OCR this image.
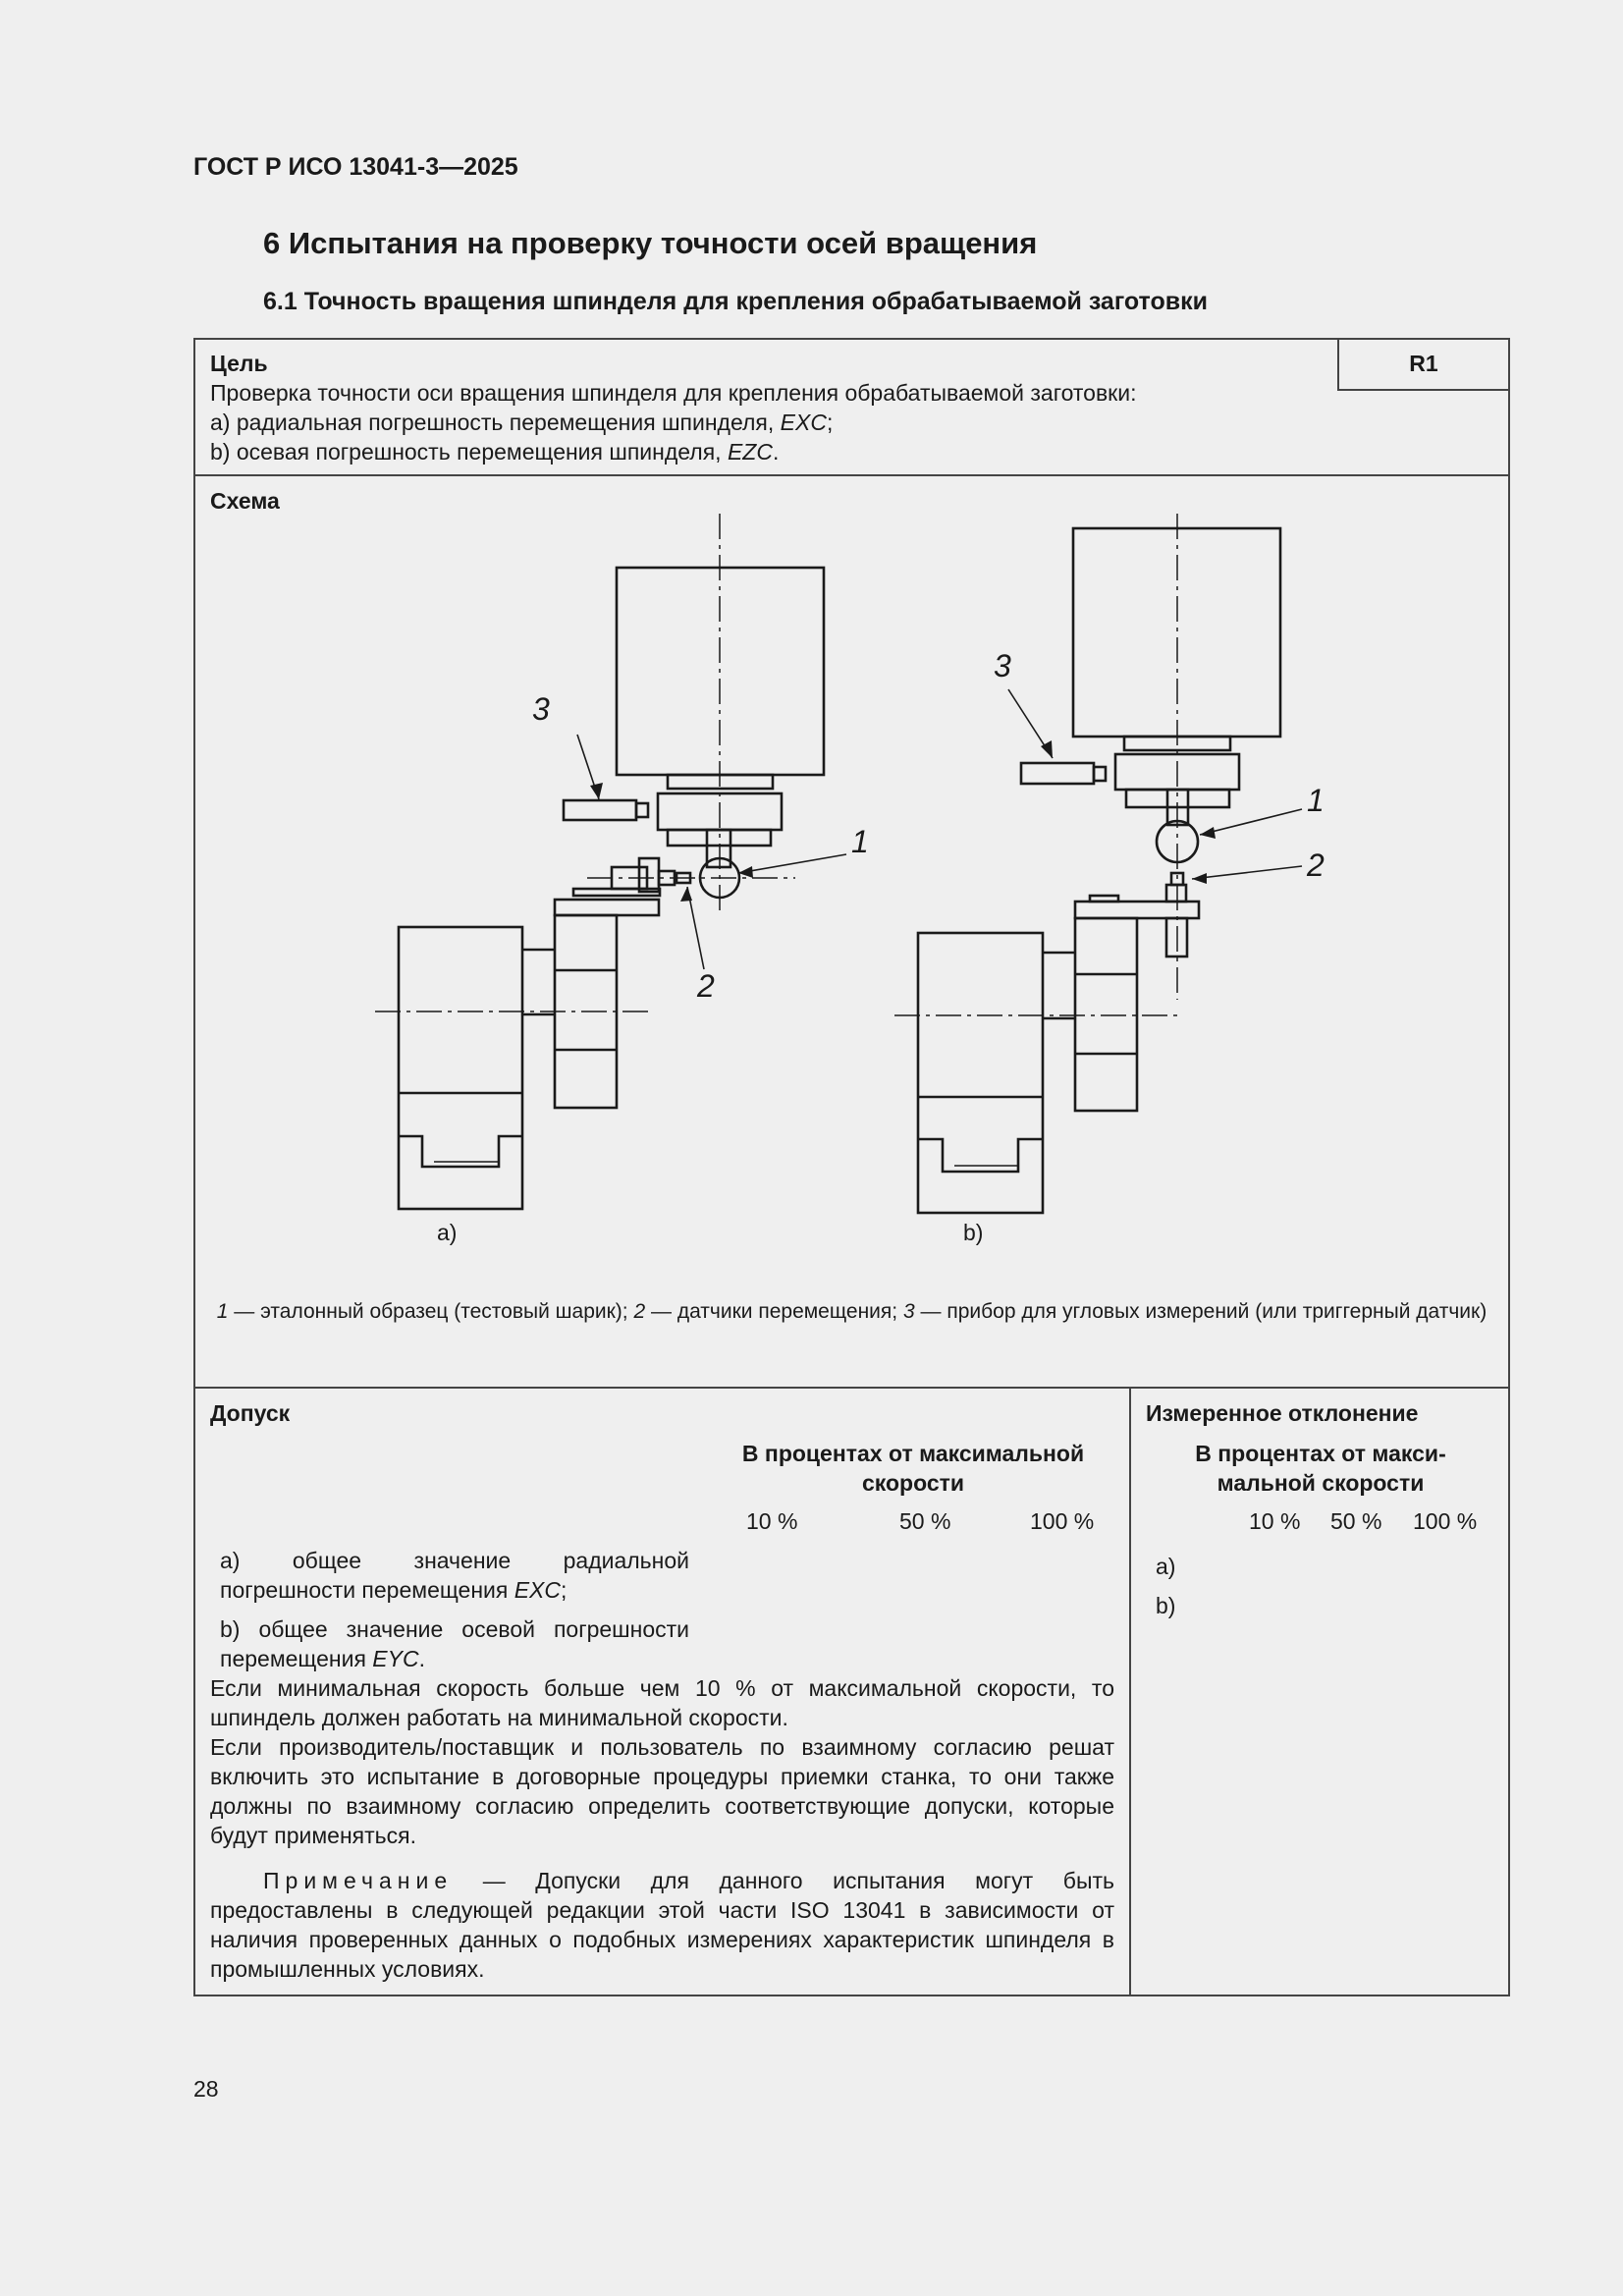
ГОСТ Р ИСО 13041-3—2025
6 Испытания на проверку точности осей вращения
6.1 Точность вращения шпинделя для крепления обрабатываемой заготовки
Цель	R1
Проверка точности оси вращения шпинделя для крепления обрабатываемой заготовки:
a) радиальная погрешность перемещения шпинделя, EXC;
b) осевая погрешность перемещения шпинделя, EZC.
Схема
3
1
2
3
1
2
a)	b)
1 — эталонный образец (тестовый шарик); 2 — датчики перемещения; 3 — прибор для угловых измерений (или триггерный датчик)
Допуск
В процентах от максимальной скорости
10 %	50 %	100 %
a) общее значение радиальной погрешности перемещения EXC;
b) общее значение осевой погрешности перемещения EYC.
Если минимальная скорость больше чем 10 % от максимальной скорости, то шпиндель должен работать на минимальной скорости.
Если производитель/поставщик и пользователь по взаимному согласию решат включить это испытание в договорные процедуры приемки станка, то они также должны по взаимному согласию определить соответствующие допуски, которые будут применяться.
Примечание — Допуски для данного испытания могут быть предоставлены в следующей редакции этой части ISO 13041 в зависимости от наличия проверенных данных о подобных измерениях характеристик шпинделя в промышленных условиях.
Измеренное отклонение
В процентах от макси-мальной скорости
10 % 50 % 100 %
a)
b)
28
